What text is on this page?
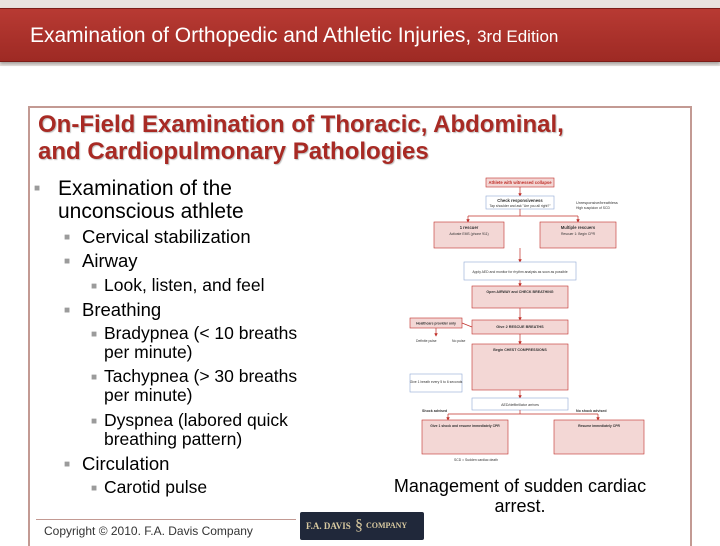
Examination of Orthopedic and Athletic Injuries, 3rd Edition
On-Field Examination of Thoracic, Abdominal,
and Cardiopulmonary Pathologies
■ Examination of the
unconscious athlete
■ Cervical stabilization
■ Airway
■ Look, listen, and feel
■ Breathing
■ Bradypnea (< 10 breaths
per minute)
■ Tachypnea (> 30 breaths
per minute)
■ Dyspnea (labored quick
breathing pattern)
■ Circulation
■ Carotid pulse
Athlete with witnessed collapse
Check responsiveness
Tap shoulder and ask "Are you all right?"
Unresponsive/breathless
High suspicion of SCD
1 rescuer
Activate EMS (phone 911)
Multiple rescuers
Rescuer 1: Begin CPR
Apply AED and monitor for rhythm analysis as soon as possible
Open AIRWAY and CHECK BREATHING
Healthcare provider only
Give 2 RESCUE BREATHS
Definite pulse	No pulse
Begin CHEST COMPRESSIONS
Give 1 breath every 5 to 6 seconds
AED/defibrillator arrives
Shock advised	No shock advised
Give 1 shock and resume immediately CPR	Resume immediately CPR
SCD = Sudden cardiac death
Management of sudden cardiac
arrest.
Copyright © 2010. F.A. Davis Company	F.A. DAVIS § COMPANY
